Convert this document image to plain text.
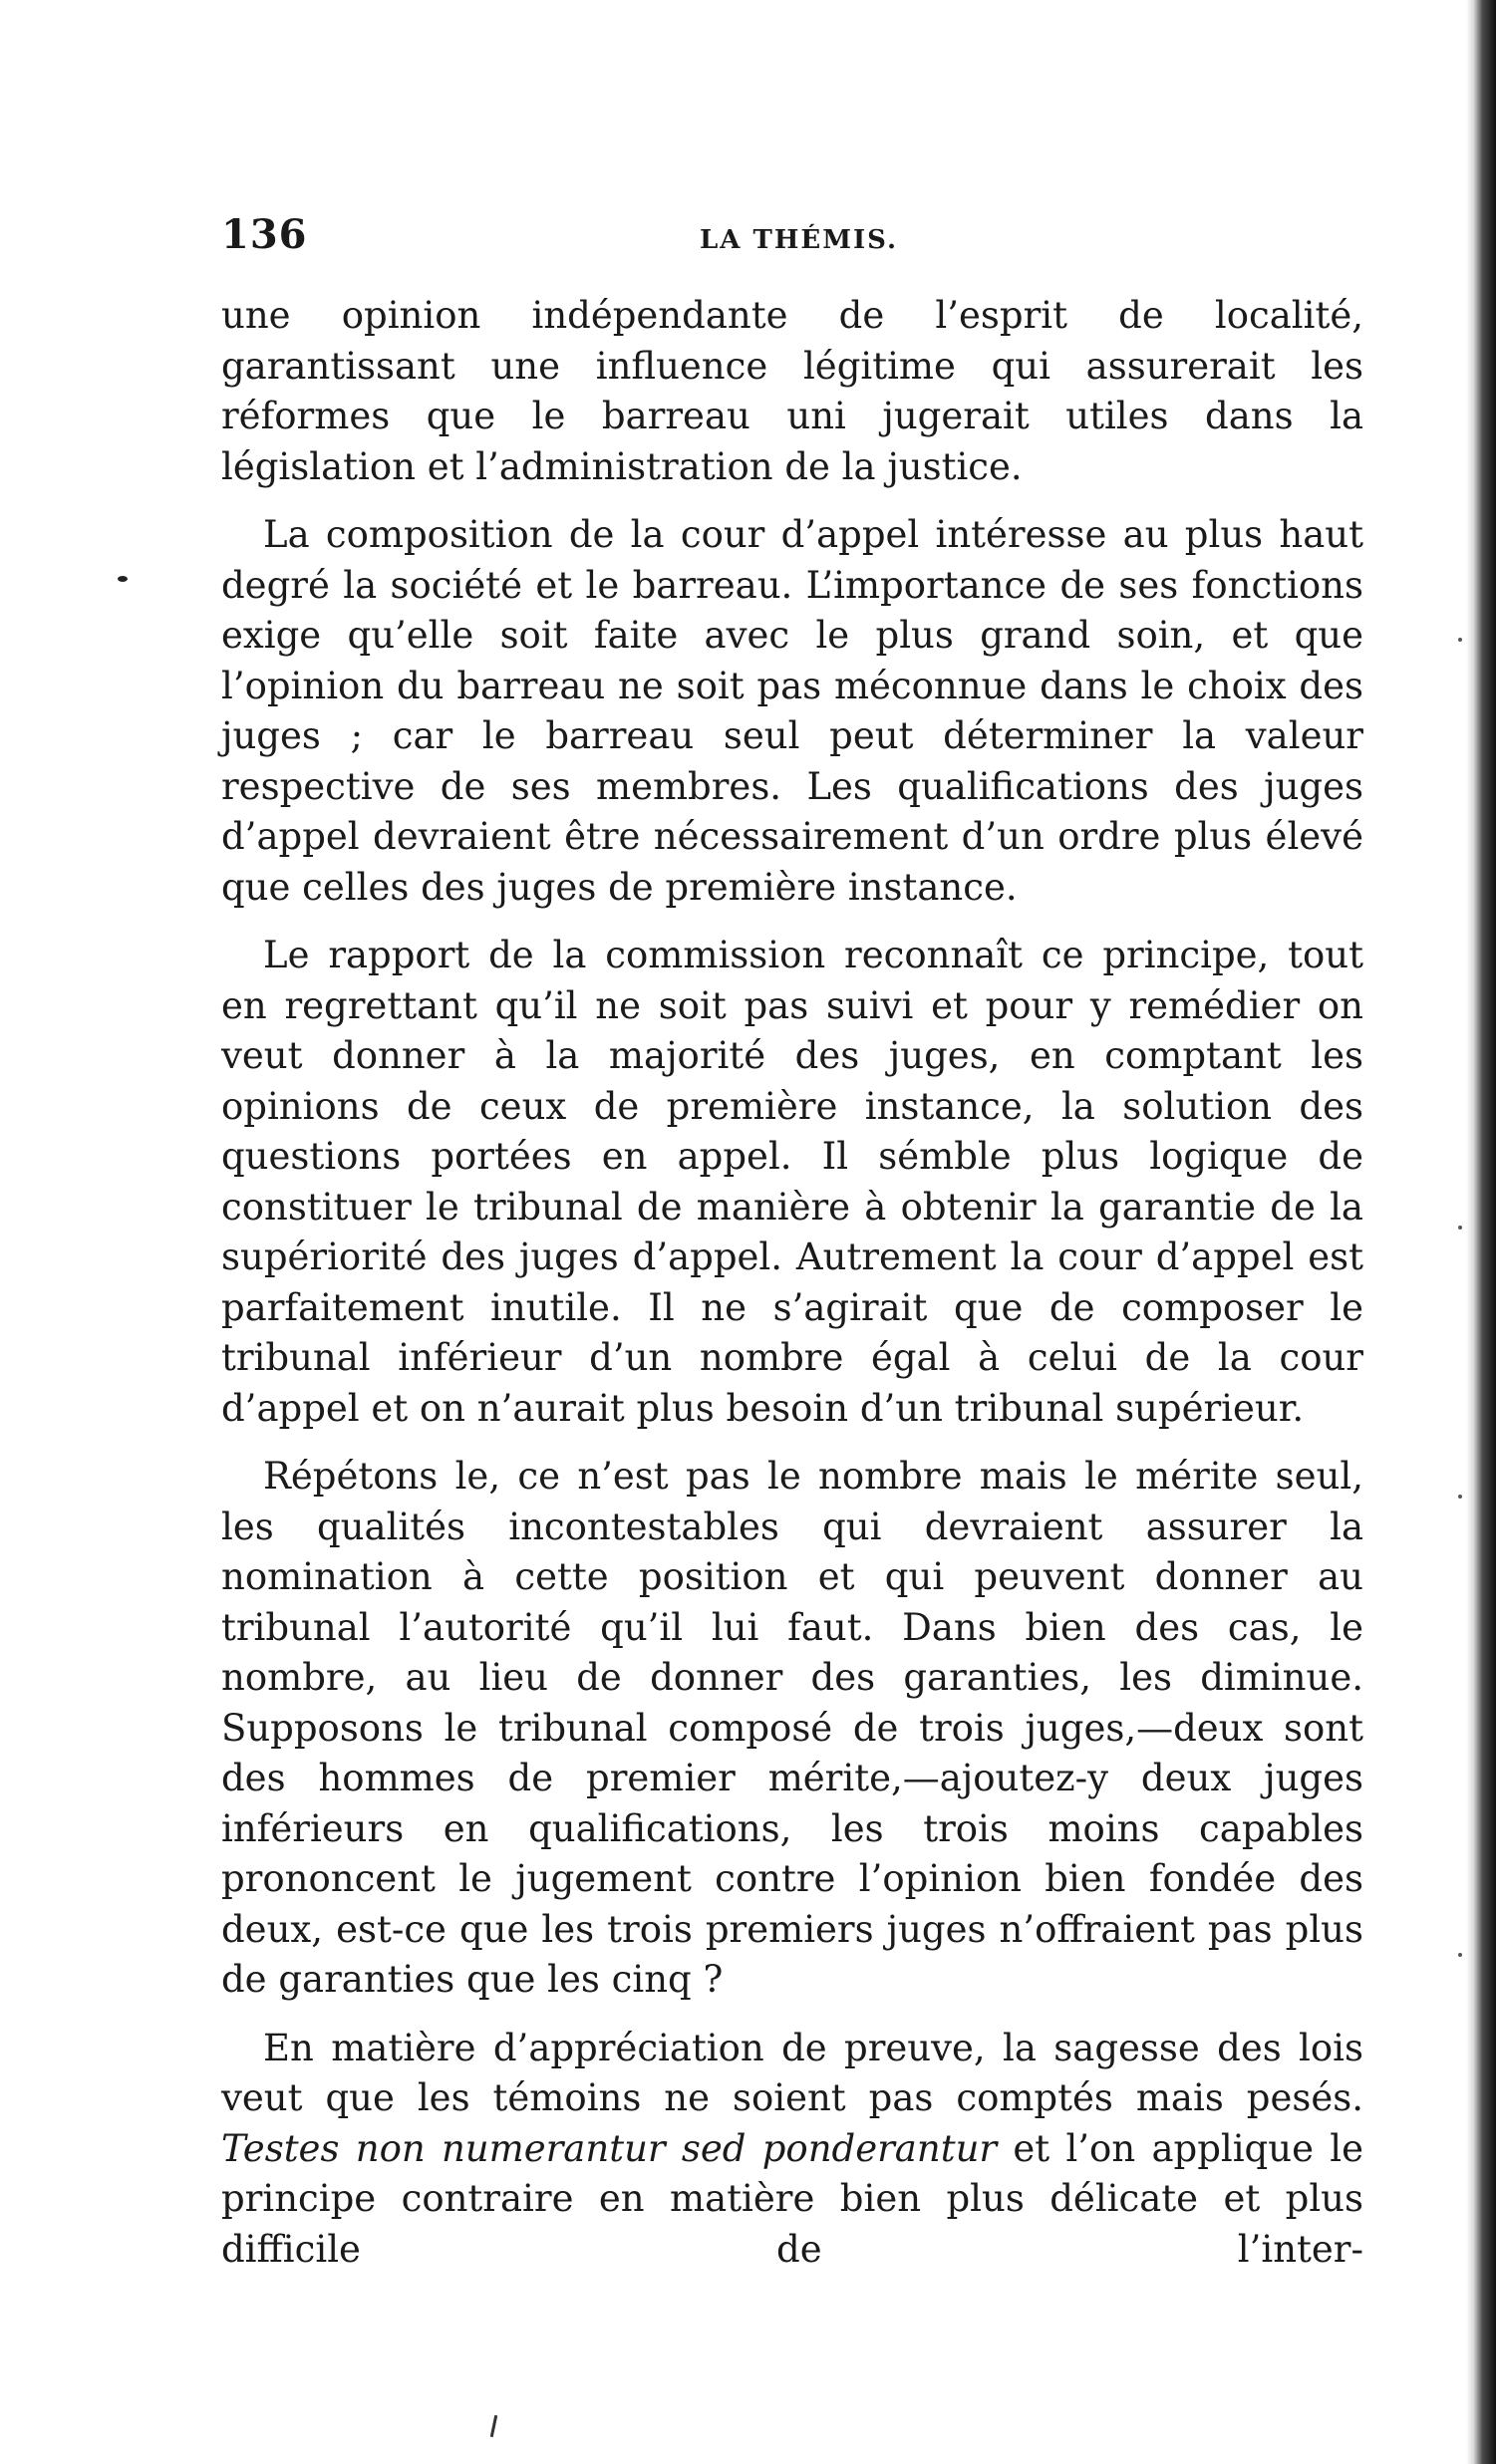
136	LA THÉMIS.

une opinion indépendante de l’esprit de localité, garantissant une influence légitime qui assurerait les réformes que le barreau uni jugerait utiles dans la législation et l’administration de la justice.

La composition de la cour d’appel intéresse au plus haut degré la société et le barreau. L’importance de ses fonctions exige qu’elle soit faite avec le plus grand soin, et que l’opinion du barreau ne soit pas méconnue dans le choix des juges ; car le barreau seul peut déterminer la valeur respective de ses membres. Les qualifications des juges d’appel devraient être nécessairement d’un ordre plus élevé que celles des juges de première instance.

Le rapport de la commission reconnaît ce principe, tout en regrettant qu’il ne soit pas suivi et pour y remédier on veut donner à la majorité des juges, en comptant les opinions de ceux de première instance, la solution des questions portées en appel. Il sémble plus logique de constituer le tribunal de manière à obtenir la garantie de la supériorité des juges d’appel. Autrement la cour d’appel est parfaitement inutile. Il ne s’agirait que de composer le tribunal inférieur d’un nombre égal à celui de la cour d’appel et on n’aurait plus besoin d’un tribunal supérieur.

Répétons le, ce n’est pas le nombre mais le mérite seul, les qualités incontestables qui devraient assurer la nomination à cette position et qui peuvent donner au tribunal l’autorité qu’il lui faut. Dans bien des cas, le nombre, au lieu de donner des garanties, les diminue. Supposons le tribunal composé de trois juges,—deux sont des hommes de premier mérite,—ajoutez-y deux juges inférieurs en qualifications, les trois moins capables prononcent le jugement contre l’opinion bien fondée des deux, est-ce que les trois premiers juges n’offraient pas plus de garanties que les cinq ?

En matière d’appréciation de preuve, la sagesse des lois veut que les témoins ne soient pas comptés mais pesés. Testes non numerantur sed ponderantur et l’on applique le principe contraire en matière bien plus délicate et plus difficile de l’inter-
